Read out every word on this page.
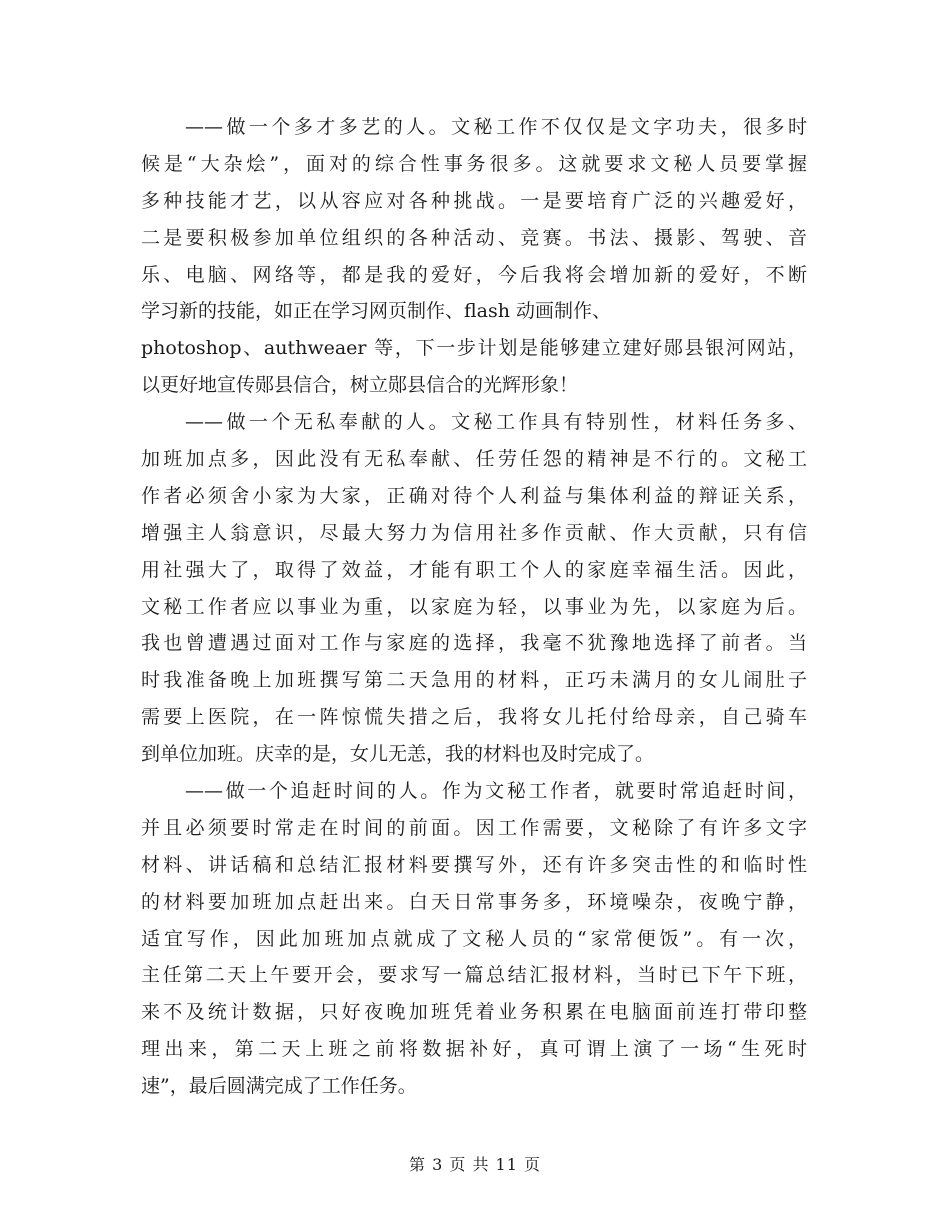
——做一个多才多艺的人。文秘工作不仅仅是文字功夫，很多时
候是“大杂烩”，面对的综合性事务很多。这就要求文秘人员要掌握
多种技能才艺，以从容应对各种挑战。一是要培育广泛的兴趣爱好，
二是要积极参加单位组织的各种活动、竞赛。书法、摄影、驾驶、音
乐、电脑、网络等，都是我的爱好，今后我将会增加新的爱好，不断
学习新的技能，如正在学习网页制作、flash 动画制作、
photoshop、authweaer 等，下一步计划是能够建立建好郧县银河网站，
以更好地宣传郧县信合，树立郧县信合的光辉形象！
——做一个无私奉献的人。文秘工作具有特别性，材料任务多、
加班加点多，因此没有无私奉献、任劳任怨的精神是不行的。文秘工
作者必须舍小家为大家，正确对待个人利益与集体利益的辩证关系，
增强主人翁意识，尽最大努力为信用社多作贡献、作大贡献，只有信
用社强大了，取得了效益，才能有职工个人的家庭幸福生活。因此，
文秘工作者应以事业为重，以家庭为轻，以事业为先，以家庭为后。
我也曾遭遇过面对工作与家庭的选择，我毫不犹豫地选择了前者。当
时我准备晚上加班撰写第二天急用的材料，正巧未满月的女儿闹肚子
需要上医院，在一阵惊慌失措之后，我将女儿托付给母亲，自己骑车
到单位加班。庆幸的是，女儿无恙，我的材料也及时完成了。
——做一个追赶时间的人。作为文秘工作者，就要时常追赶时间，
并且必须要时常走在时间的前面。因工作需要，文秘除了有许多文字
材料、讲话稿和总结汇报材料要撰写外，还有许多突击性的和临时性
的材料要加班加点赶出来。白天日常事务多，环境噪杂，夜晚宁静，
适宜写作，因此加班加点就成了文秘人员的“家常便饭”。有一次，
主任第二天上午要开会，要求写一篇总结汇报材料，当时已下午下班，
来不及统计数据，只好夜晚加班凭着业务积累在电脑面前连打带印整
理出来，第二天上班之前将数据补好，真可谓上演了一场“生死时
速”，最后圆满完成了工作任务。
第 3 页 共 11 页
